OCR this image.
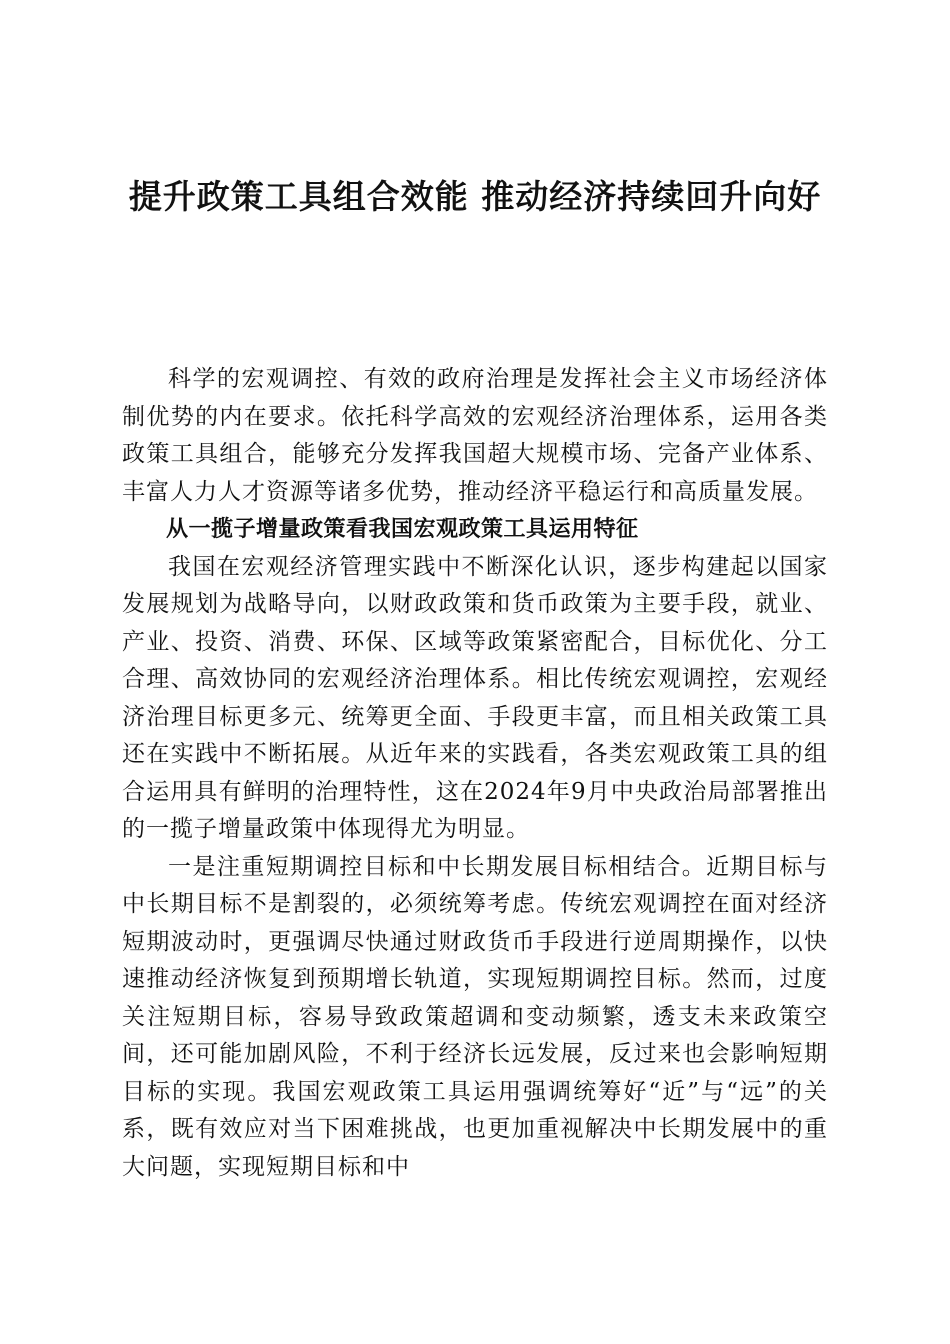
提升政策工具组合效能 推动经济持续回升向好

科学的宏观调控、有效的政府治理是发挥社会主义市场经济体制优势的内在要求。依托科学高效的宏观经济治理体系，运用各类政策工具组合，能够充分发挥我国超大规模市场、完备产业体系、丰富人力人才资源等诸多优势，推动经济平稳运行和高质量发展。

从一揽子增量政策看我国宏观政策工具运用特征

我国在宏观经济管理实践中不断深化认识，逐步构建起以国家发展规划为战略导向，以财政政策和货币政策为主要手段，就业、产业、投资、消费、环保、区域等政策紧密配合，目标优化、分工合理、高效协同的宏观经济治理体系。相比传统宏观调控，宏观经济治理目标更多元、统筹更全面、手段更丰富，而且相关政策工具还在实践中不断拓展。从近年来的实践看，各类宏观政策工具的组合运用具有鲜明的治理特性，这在2024年9月中央政治局部署推出的一揽子增量政策中体现得尤为明显。

一是注重短期调控目标和中长期发展目标相结合。近期目标与中长期目标不是割裂的，必须统筹考虑。传统宏观调控在面对经济短期波动时，更强调尽快通过财政货币手段进行逆周期操作，以快速推动经济恢复到预期增长轨道，实现短期调控目标。然而，过度关注短期目标，容易导致政策超调和变动频繁，透支未来政策空间，还可能加剧风险，不利于经济长远发展，反过来也会影响短期目标的实现。我国宏观政策工具运用强调统筹好“近”与“远”的关系，既有效应对当下困难挑战，也更加重视解决中长期发展中的重大问题，实现短期目标和中
